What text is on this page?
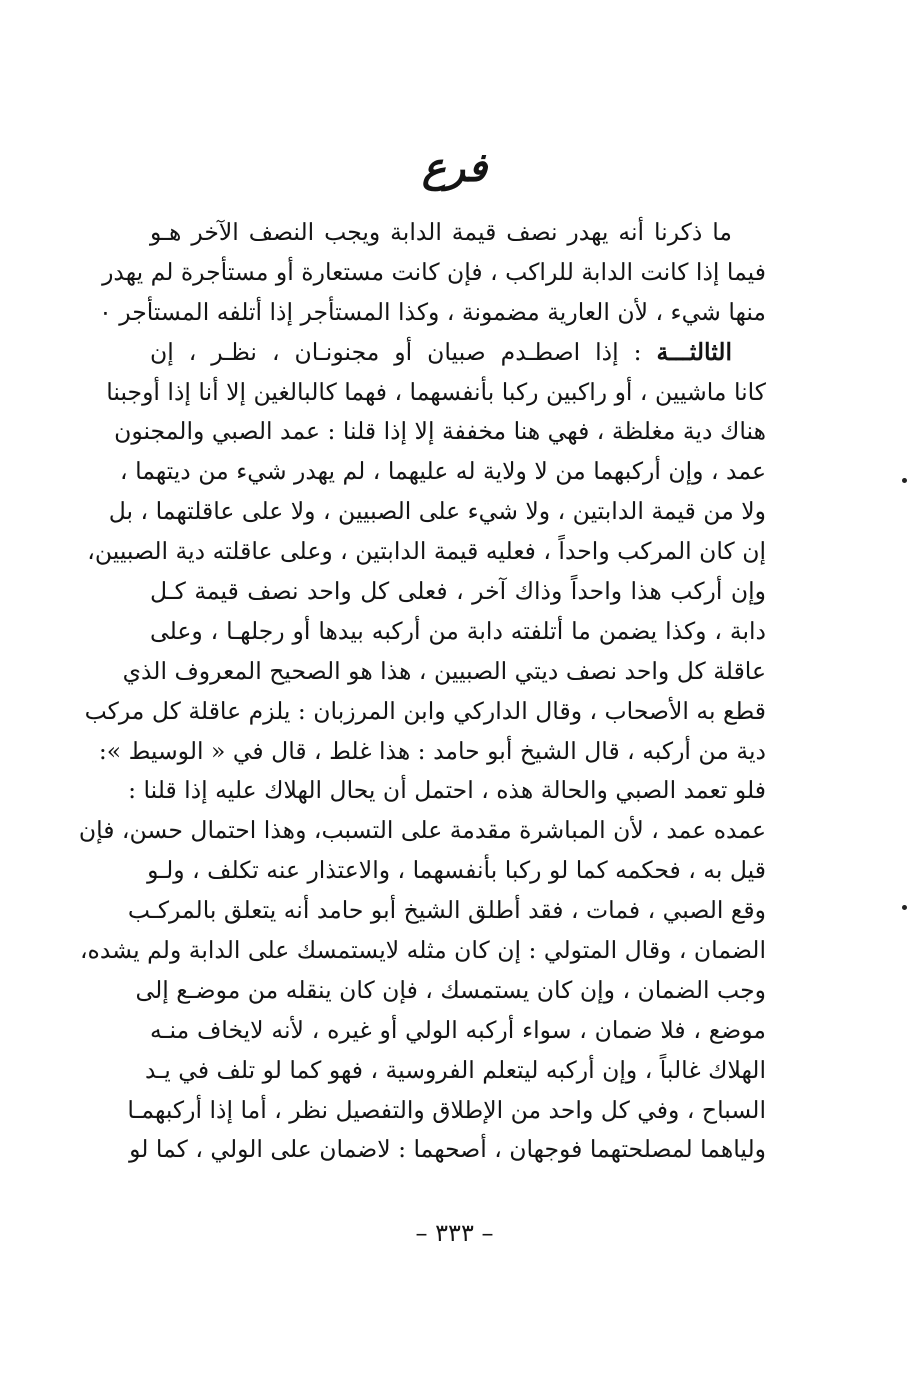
فرع
ما ذكرنا أنه يهدر نصف قيمة الدابة ويجب النصف الآخر هـو
فيما إذا كانت الدابة للراكب ، فإن كانت مستعارة أو مستأجرة لم يهدر
منها شيء ، لأن العارية مضمونة ، وكذا المستأجر إذا أتلفه المستأجر ٠
الثالثـــة : إذا اصطـدم صبيان أو مجنونـان ، نظـر ، إن
كانا ماشيين ، أو راكبين ركبا بأنفسهما ، فهما كالبالغين إلا أنا إذا أوجبنا
هناك دية مغلظة ، فهي هنا مخففة إلا إذا قلنا : عمد الصبي والمجنون
عمد ، وإن أركبهما من لا ولاية له عليهما ، لم يهدر شيء من ديتهما ،
ولا من قيمة الدابتين ، ولا شيء على الصبيين ، ولا على عاقلتهما ، بل
إن كان المركب واحداً ، فعليه قيمة الدابتين ، وعلى عاقلته دية الصبيين،
وإن أركب هذا واحداً وذاك آخر ، فعلى كل واحد نصف قيمة كـل
دابة ، وكذا يضمن ما أتلفته دابة من أركبه بيدها أو رجلهـا ، وعلى
عاقلة كل واحد نصف ديتي الصبيين ، هذا هو الصحيح المعروف الذي
قطع به الأصحاب ، وقال الداركي وابن المرزبان : يلزم عاقلة كل مركب
دية من أركبه ، قال الشيخ أبو حامد : هذا غلط ، قال في « الوسيط »:
فلو تعمد الصبي والحالة هذه ، احتمل أن يحال الهلاك عليه إذا قلنا :
عمده عمد ، لأن المباشرة مقدمة على التسبب، وهذا احتمال حسن، فإن
قيل به ، فحكمه كما لو ركبا بأنفسهما ، والاعتذار عنه تكلف ، ولـو
وقع الصبي ، فمات ، فقد أطلق الشيخ أبو حامد أنه يتعلق بالمركـب
الضمان ، وقال المتولي : إن كان مثله لايستمسك على الدابة ولم يشده،
وجب الضمان ، وإن كان يستمسك ، فإن كان ينقله من موضـع إلى
موضع ، فلا ضمان ، سواء أركبه الولي أو غيره ، لأنه لايخاف منـه
الهلاك غالباً ، وإن أركبه ليتعلم الفروسية ، فهو كما لو تلف في يـد
السباح ، وفي كل واحد من الإطلاق والتفصيل نظر ، أما إذا أركبهمـا
ولياهما لمصلحتهما فوجهان ، أصحهما : لاضمان على الولي ، كما لو
– ٣٣٣ –
